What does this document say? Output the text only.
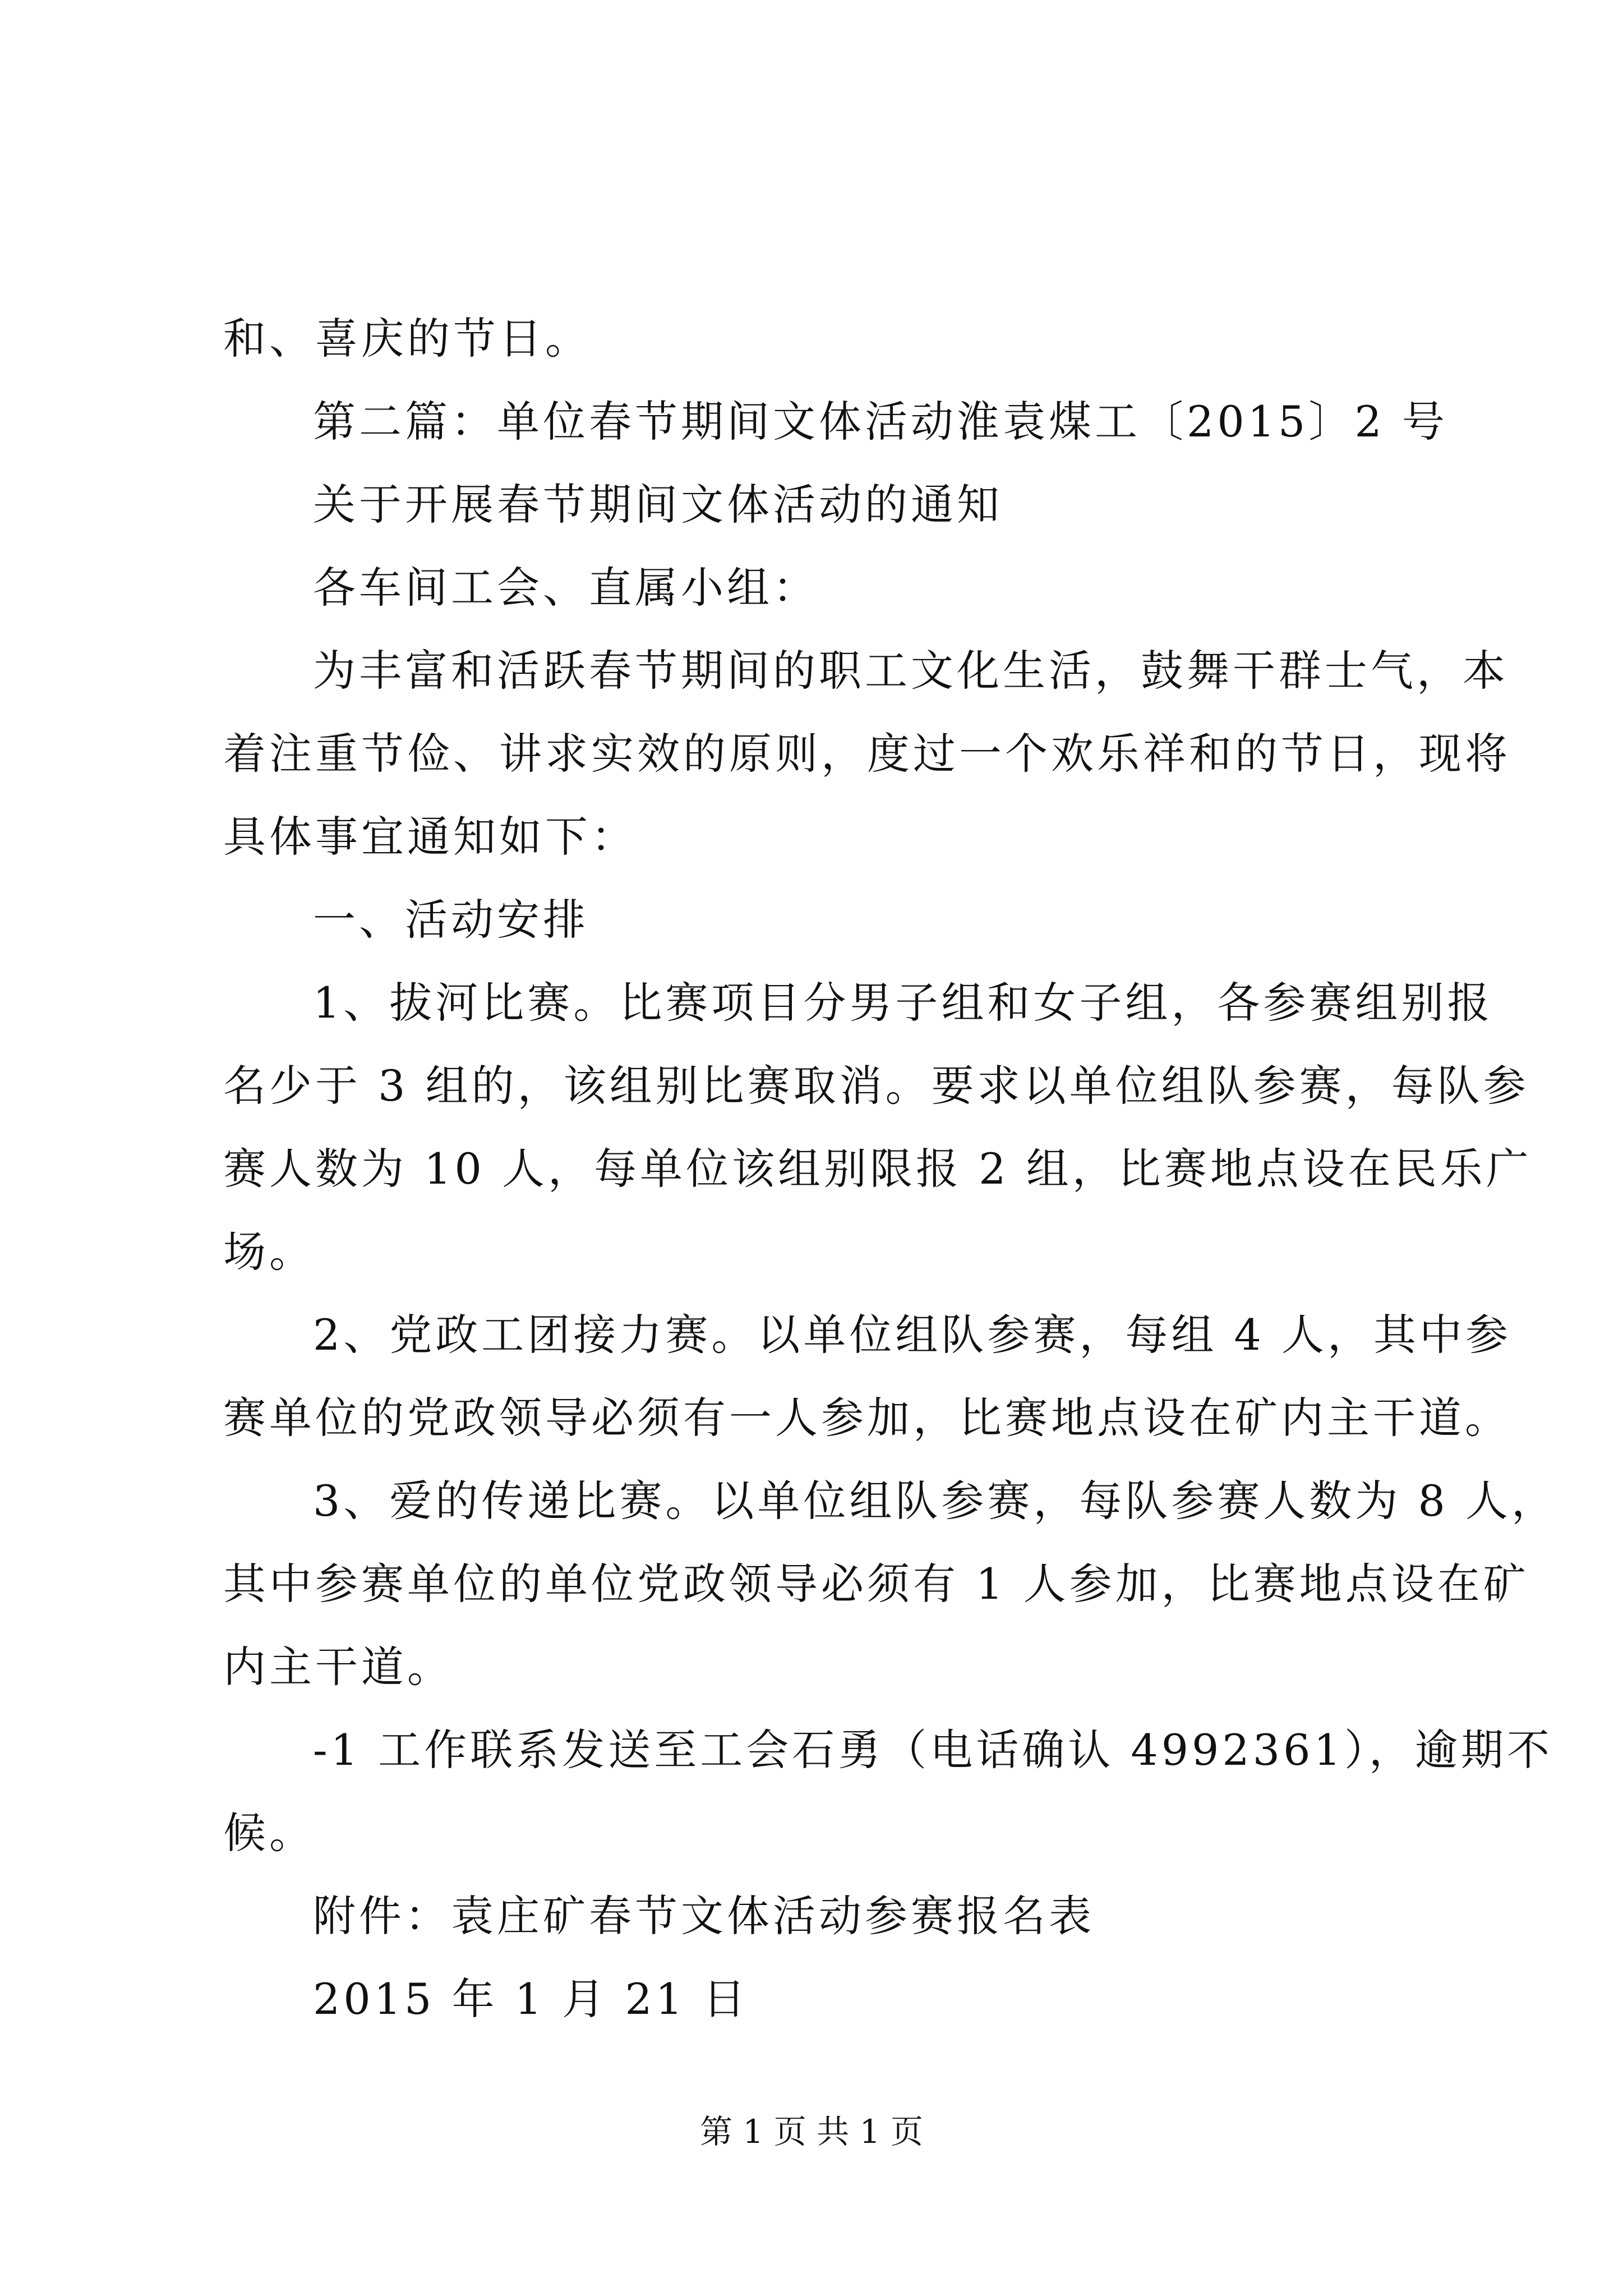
和、喜庆的节日。

第二篇：单位春节期间文体活动淮袁煤工〔2015〕2 号

关于开展春节期间文体活动的通知

各车间工会、直属小组：

为丰富和活跃春节期间的职工文化生活，鼓舞干群士气，本

着注重节俭、讲求实效的原则，度过一个欢乐祥和的节日，现将

具体事宜通知如下：

一、活动安排

1、拔河比赛。比赛项目分男子组和女子组，各参赛组别报

名少于 3 组的，该组别比赛取消。要求以单位组队参赛，每队参

赛人数为 10 人，每单位该组别限报 2 组，比赛地点设在民乐广

场。

2、党政工团接力赛。以单位组队参赛，每组 4 人，其中参

赛单位的党政领导必须有一人参加，比赛地点设在矿内主干道。

3、爱的传递比赛。以单位组队参赛，每队参赛人数为 8 人，

其中参赛单位的单位党政领导必须有 1 人参加，比赛地点设在矿

内主干道。

-1 工作联系发送至工会石勇（电话确认 4992361），逾期不

候。

附件：袁庄矿春节文体活动参赛报名表

2015 年 1 月 21 日

第 1 页 共 1 页
